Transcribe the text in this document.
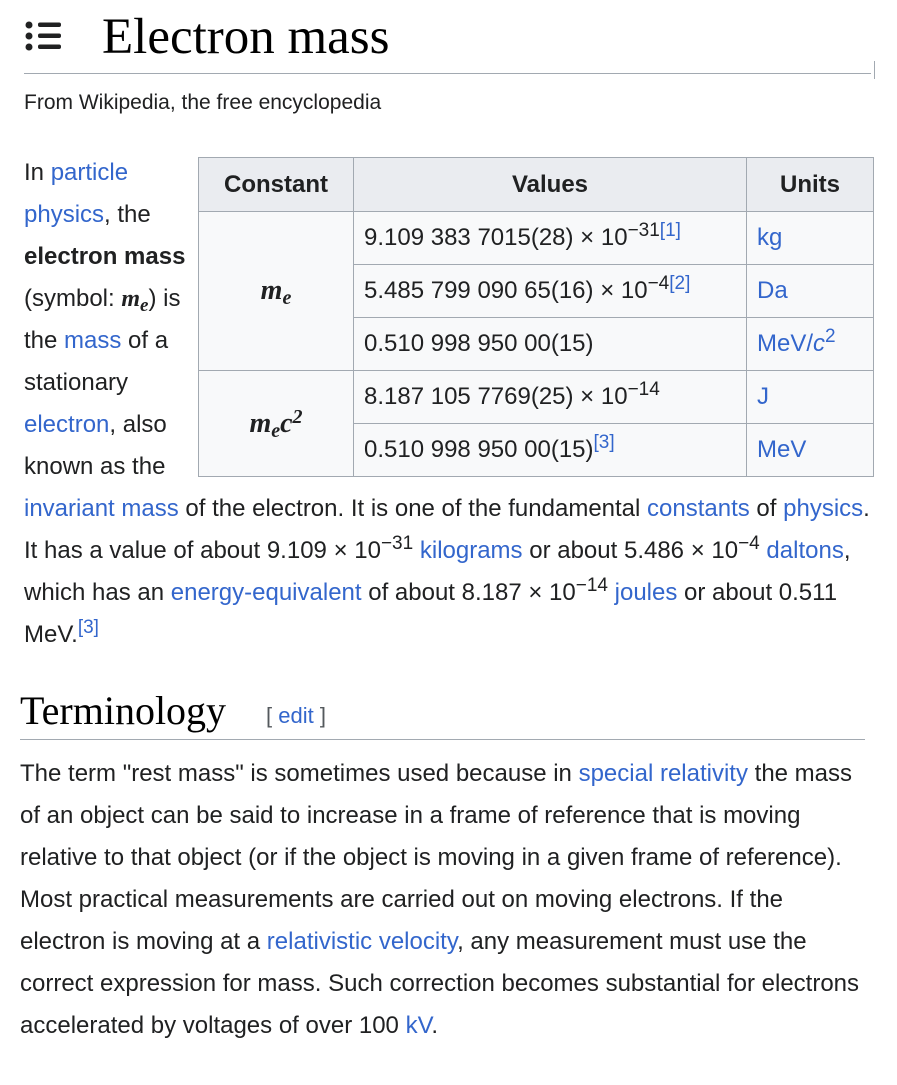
Electron mass
From Wikipedia, the free encyclopedia
Constant	Values	Units
$m_e$	9.109 383 $7015(28) \times 10^{-31[1]}$	kg
	5.485 799 090 $65(16) \times 10^{-4[2]}$	Da
	0.510 998 950 00(15)	MeV/$c^2$
$m_ec^2$	8.187 105 $7769(25) \times 10^{-14}$	J
	0.510 998 950 00(15)[3]	MeV
In particle physics, the electron mass (symbol: $m_e$) is the mass of a stationary electron, also known as the invariant mass of the electron. It is one of the fundamental constants of physics. It has a value of about $9.109 \times 10^{-31}$ kilograms or about $5.486 \times 10^{-4}$ daltons, which has an energy-equivalent of about $8.187 \times 10^{-14}$ joules or about 0.511 MeV.[3]
Terminology [ edit ]

The term "rest mass" is sometimes used because in special relativity the mass of an object can be said to increase in a frame of reference that is moving relative to that object (or if the object is moving in a given frame of reference). Most practical measurements are carried out on moving electrons. If the electron is moving at a relativistic velocity, any measurement must use the correct expression for mass. Such correction becomes substantial for electrons accelerated by voltages of over 100 kV.
